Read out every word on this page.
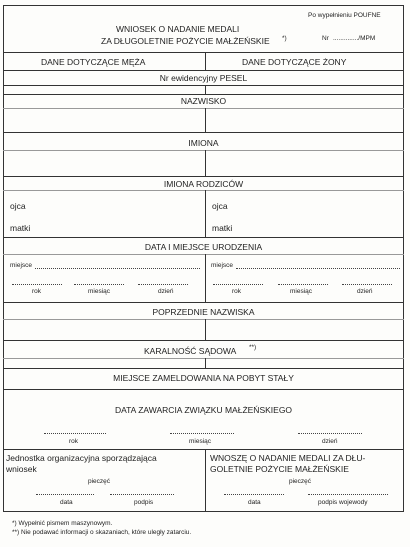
Po wypełnieniu POUFNE
WNIOSEK O NADANIE MEDALI
ZA DŁUGOLETNIE POŻYCIE MAŁŻEŃSKIE *)	Nr ............../MPM
DANE DOTYCZĄCE MĘŻA	DANE DOTYCZĄCE ŻONY
Nr ewidencyjny PESEL
NAZWISKO
IMIONA
IMIONA RODZICÓW
ojca	ojca
matki	matki
DATA I MIEJSCE URODZENIA
miejsce	miejsce
rok	miesiąc	dzień	rok	miesiąc	dzień
POPRZEDNIE NAZWISKA
KARALNOŚĆ SĄDOWA **)
MIEJSCE ZAMELDOWANIA NA POBYT STAŁY
DATA ZAWARCIA ZWIĄZKU MAŁŻEŃSKIEGO
rok	miesiąc	dzień
Jednostka organizacyjna sporządzająca
wniosek
WNOSZĘ O NADANIE MEDALI ZA DŁU-
GOLETNIE POŻYCIE MAŁŻEŃSKIE
pieczęć	pieczęć
data	podpis	data	podpis wojewody
*) Wypełnić pismem maszynowym.
**) Nie podawać informacji o skazaniach, które uległy zatarciu.
